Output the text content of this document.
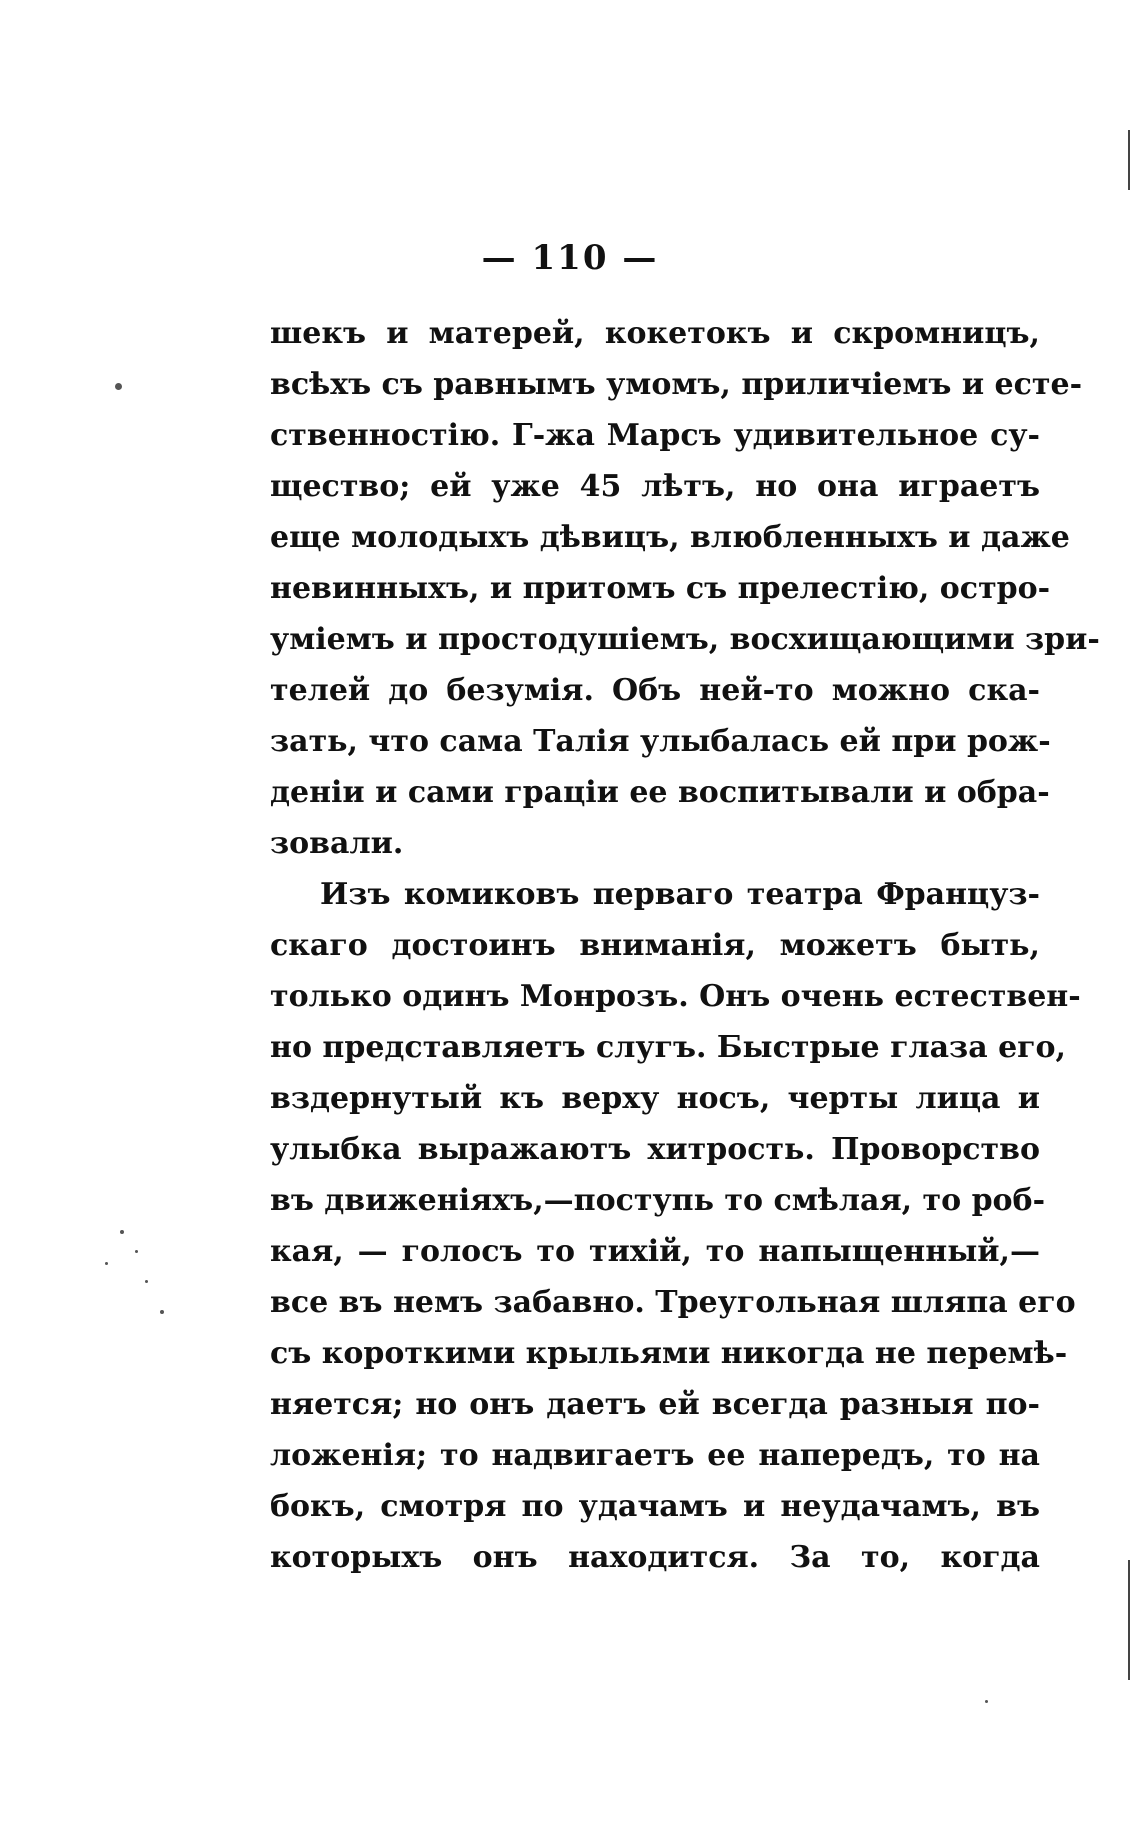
— 110 —
шекъ и матерей, кокетокъ и скромницъ,
всѣхъ съ равнымъ умомъ, приличіемъ и есте-
ственностію. Г-жа Марсъ удивительное су-
щество; ей уже 45 лѣтъ, но она играетъ
еще молодыхъ дѣвицъ, влюбленныхъ и даже
невинныхъ, и притомъ съ прелестію, остро-
уміемъ и простодушіемъ, восхищающими зри-
телей до безумія. Объ ней-то можно ска-
зать, что сама Талія улыбалась ей при рож-
деніи и сами граціи ее воспитывали и обра-
зовали.
Изъ комиковъ перваго театра Француз-
скаго достоинъ вниманія, можетъ быть,
только одинъ Монрозъ. Онъ очень естествен-
но представляетъ слугъ. Быстрые глаза его,
вздернутый къ верху носъ, черты лица и
улыбка выражаютъ хитрость. Проворство
въ движеніяхъ,—поступь то смѣлая, то роб-
кая, — голосъ то тихій, то напыщенный,—
все въ немъ забавно. Треугольная шляпа его
съ короткими крыльями никогда не перемѣ-
няется; но онъ даетъ ей всегда разныя по-
ложенія; то надвигаетъ ее напередъ, то на
бокъ, смотря по удачамъ и неудачамъ, въ
которыхъ онъ находится. За то, когда
